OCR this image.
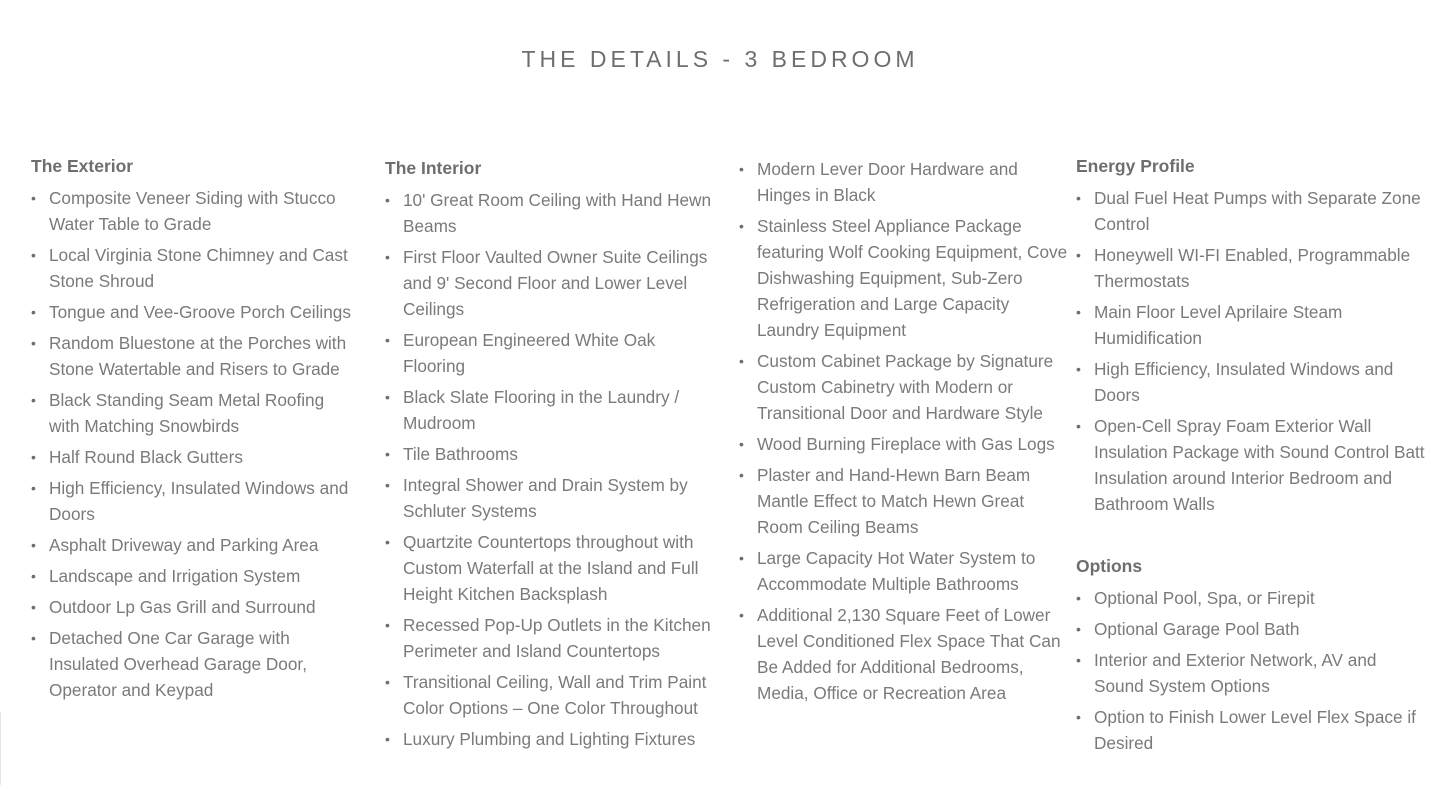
THE DETAILS - 3 BEDROOM
The Exterior
• Composite Veneer Siding with Stucco Water Table to Grade
• Local Virginia Stone Chimney and Cast Stone Shroud
• Tongue and Vee-Groove Porch Ceilings
• Random Bluestone at the Porches with Stone Watertable and Risers to Grade
• Black Standing Seam Metal Roofing with Matching Snowbirds
• Half Round Black Gutters
• High Efficiency, Insulated Windows and Doors
• Asphalt Driveway and Parking Area
• Landscape and Irrigation System
• Outdoor Lp Gas Grill and Surround
• Detached One Car Garage with Insulated Overhead Garage Door, Operator and Keypad
The Interior
• 10' Great Room Ceiling with Hand Hewn Beams
• First Floor Vaulted Owner Suite Ceilings and 9' Second Floor and Lower Level Ceilings
• European Engineered White Oak Flooring
• Black Slate Flooring in the Laundry / Mudroom
• Tile Bathrooms
• Integral Shower and Drain System by Schluter Systems
• Quartzite Countertops throughout with Custom Waterfall at the Island and Full Height Kitchen Backsplash
• Recessed Pop-Up Outlets in the Kitchen Perimeter and Island Countertops
• Transitional Ceiling, Wall and Trim Paint Color Options – One Color Throughout
• Luxury Plumbing and Lighting Fixtures
• Modern Lever Door Hardware and Hinges in Black
• Stainless Steel Appliance Package featuring Wolf Cooking Equipment, Cove Dishwashing Equipment, Sub-Zero Refrigeration and Large Capacity Laundry Equipment
• Custom Cabinet Package by Signature Custom Cabinetry with Modern or Transitional Door and Hardware Style
• Wood Burning Fireplace with Gas Logs
• Plaster and Hand-Hewn Barn Beam Mantle Effect to Match Hewn Great Room Ceiling Beams
• Large Capacity Hot Water System to Accommodate Multiple Bathrooms
• Additional 2,130 Square Feet of Lower Level Conditioned Flex Space That Can Be Added for Additional Bedrooms, Media, Office or Recreation Area
Energy Profile
• Dual Fuel Heat Pumps with Separate Zone Control
• Honeywell WI-FI Enabled, Programmable Thermostats
• Main Floor Level Aprilaire Steam Humidification
• High Efficiency, Insulated Windows and Doors
• Open-Cell Spray Foam Exterior Wall Insulation Package with Sound Control Batt Insulation around Interior Bedroom and Bathroom Walls
Options
• Optional Pool, Spa, or Firepit
• Optional Garage Pool Bath
• Interior and Exterior Network, AV and Sound System Options
• Option to Finish Lower Level Flex Space if Desired
